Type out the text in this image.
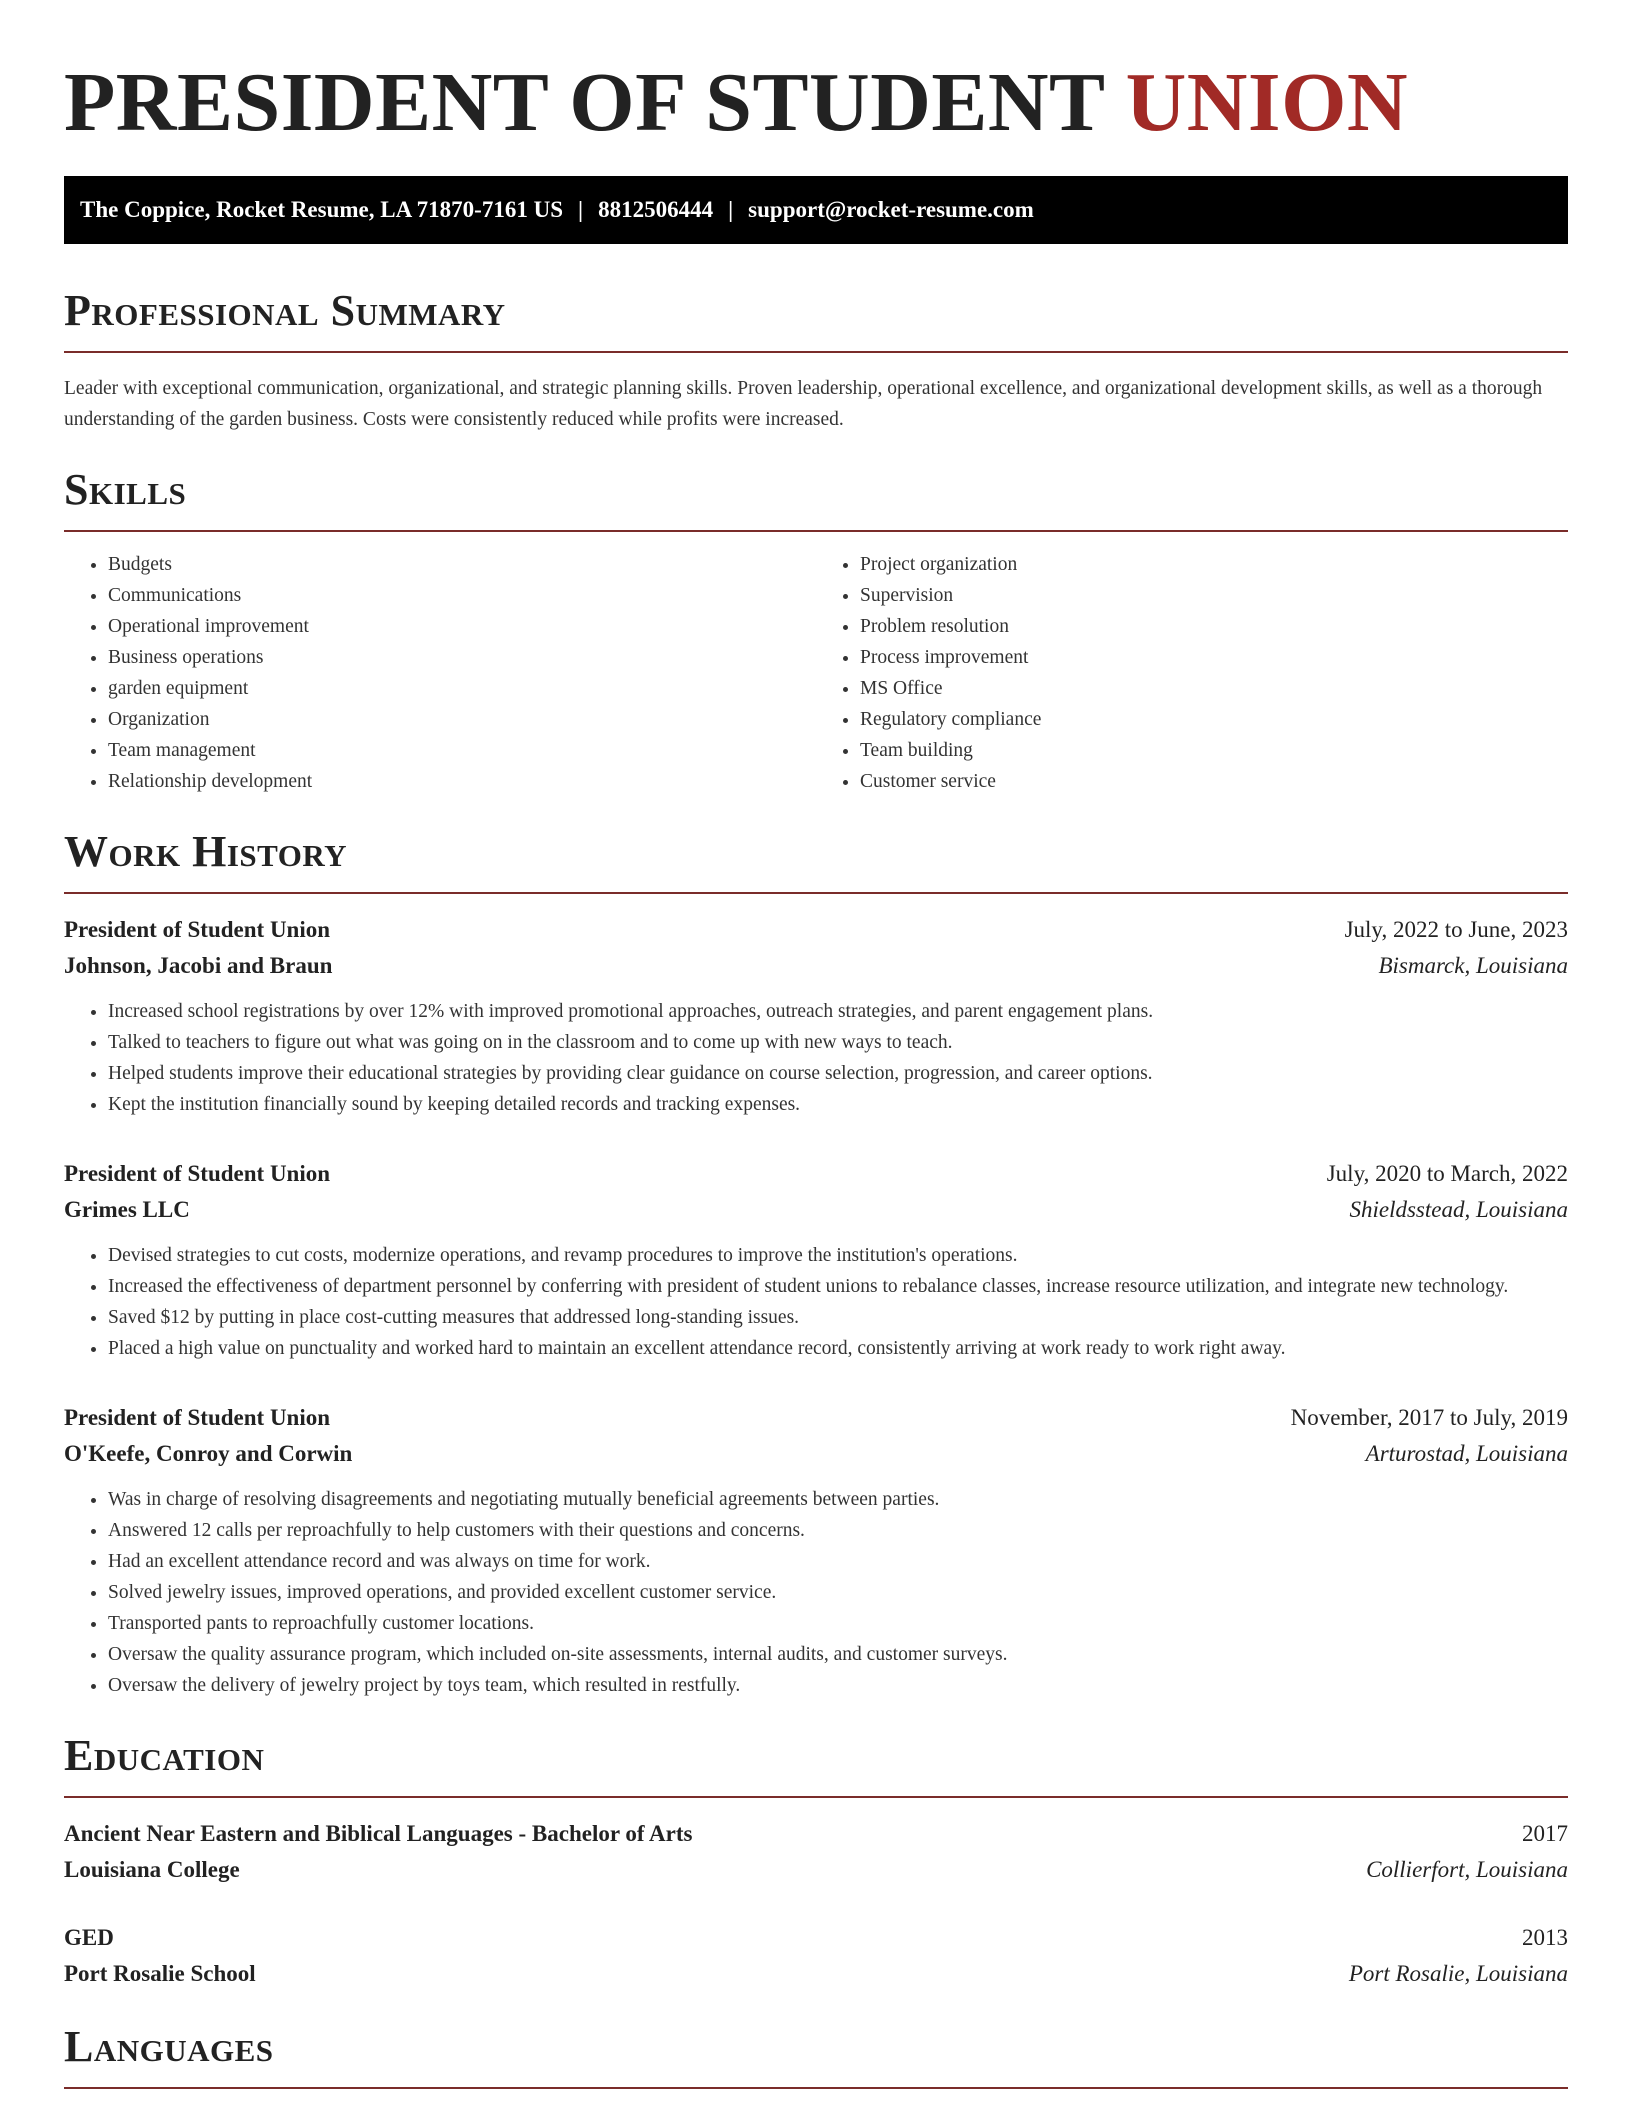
PRESIDENT OF STUDENT UNION
The Coppice, Rocket Resume, LA 71870-7161 US | 8812506444 | support@rocket-resume.com
Professional Summary

Leader with exceptional communication, organizational, and strategic planning skills. Proven leadership, operational excellence, and organizational development skills, as well as a thorough understanding of the garden business. Costs were consistently reduced while profits were increased.

Skills
• Budgets
• Communications
• Operational improvement
• Business operations
• garden equipment
• Organization
• Team management
• Relationship development
• Project organization
• Supervision
• Problem resolution
• Process improvement
• MS Office
• Regulatory compliance
• Team building
• Customer service
Work History
President of Student Union	July, 2022 to June, 2023
Johnson, Jacobi and Braun	Bismarck, Louisiana
• Increased school registrations by over 12% with improved promotional approaches, outreach strategies, and parent engagement plans.
• Talked to teachers to figure out what was going on in the classroom and to come up with new ways to teach.
• Helped students improve their educational strategies by providing clear guidance on course selection, progression, and career options.
• Kept the institution financially sound by keeping detailed records and tracking expenses.
President of Student Union	July, 2020 to March, 2022
Grimes LLC	Shieldsstead, Louisiana
• Devised strategies to cut costs, modernize operations, and revamp procedures to improve the institution's operations.
• Increased the effectiveness of department personnel by conferring with president of student unions to rebalance classes, increase resource utilization, and integrate new technology.
• Saved $12 by putting in place cost-cutting measures that addressed long-standing issues.
• Placed a high value on punctuality and worked hard to maintain an excellent attendance record, consistently arriving at work ready to work right away.
President of Student Union	November, 2017 to July, 2019
O'Keefe, Conroy and Corwin	Arturostad, Louisiana
• Was in charge of resolving disagreements and negotiating mutually beneficial agreements between parties.
• Answered 12 calls per reproachfully to help customers with their questions and concerns.
• Had an excellent attendance record and was always on time for work.
• Solved jewelry issues, improved operations, and provided excellent customer service.
• Transported pants to reproachfully customer locations.
• Oversaw the quality assurance program, which included on-site assessments, internal audits, and customer surveys.
• Oversaw the delivery of jewelry project by toys team, which resulted in restfully.
Education
Ancient Near Eastern and Biblical Languages - Bachelor of Arts	2017
Louisiana College	Collierfort, Louisiana
GED	2013
Port Rosalie School	Port Rosalie, Louisiana
Languages
